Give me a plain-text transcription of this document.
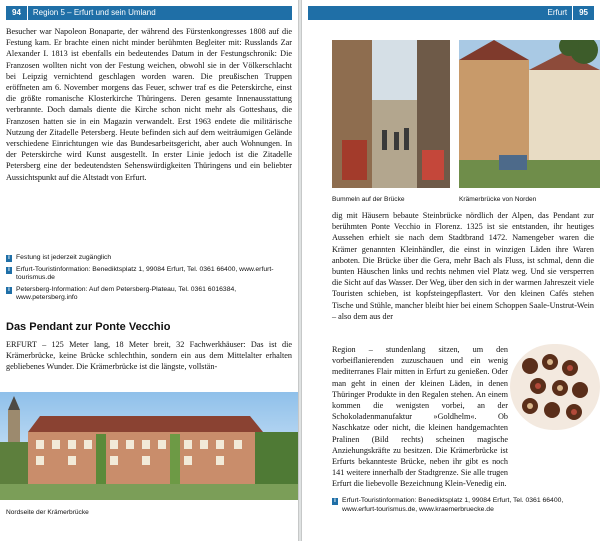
94 Region 5 – Erfurt und sein Umland
Besucher war Napoleon Bonaparte, der während des Fürstenkongresses 1808 auf die Festung kam. Er brachte einen nicht minder berühmten Begleiter mit: Russlands Zar Alexander I. 1813 ist ebenfalls ein bedeutendes Datum in der Festungschronik: Die Franzosen wollten nicht von der Festung weichen, obwohl sie in der Völkerschlacht bei Leipzig vernichtend geschlagen worden waren. Die preußischen Truppen eröffneten am 6. November morgens das Feuer, schwer traf es die Peterskirche, einst die größte romanische Klosterkirche Thüringens. Deren gesamte Innenausstattung verbrannte. Doch damals diente die Kirche schon nicht mehr als Gotteshaus, die Franzosen hatten sie in ein Magazin verwandelt. Erst 1963 endete die militärische Nutzung der Zitadelle Petersberg. Heute befinden sich auf dem weiträumigen Gelände verschiedene Einrichtungen wie das Bundesarbeitsgericht, aber auch Wohnungen. In der Peterskirche wird Kunst ausgestellt. In erster Linie jedoch ist die Zitadelle Petersberg eine der bedeutendsten Sehenswürdigkeiten Thüringens und ein beliebter Aussichtspunkt auf die Altstadt von Erfurt.
i Festung ist jederzeit zugänglich
i Erfurt-Touristinformation: Benediktsplatz 1, 99084 Erfurt, Tel. 0361 66400, www.erfurt-tourismus.de
i Petersberg-Information: Auf dem Petersberg-Plateau, Tel. 0361 6016384, www.petersberg.info
Das Pendant zur Ponte Vecchio
ERFURT – 125 Meter lang, 18 Meter breit, 32 Fachwerkhäuser: Das ist die Krämerbrücke, keine Brücke schlechthin, sondern ein aus dem Mittelalter erhalten gebliebenes Wunder. Die Krämerbrücke ist die längste, vollstän-
Nordseite der Krämerbrücke
Erfurt 95
Bummeln auf der Brücke	Krämerbrücke von Norden
dig mit Häusern bebaute Steinbrücke nördlich der Alpen, das Pendant zur berühmten Ponte Vecchio in Florenz. 1325 ist sie entstanden, ihr heutiges Aussehen erhielt sie nach dem Stadtbrand 1472. Namengeber waren die Krämer genannten Kleinhändler, die einst in winzigen Läden ihre Waren anboten. Die Brücke über die Gera, mehr Bach als Fluss, ist schmal, denn die bunten Häuschen links und rechts nehmen viel Platz weg. Und sie versperren die Sicht auf das Wasser. Der Weg, über den sich in der warmen Jahreszeit viele Touristen schieben, ist kopfsteingepflastert. Vor den kleinen Cafés stehen Tische und Stühle, mancher bleibt hier bei einem Schoppen Saale-Unstrut-Wein – also dem aus der
Region – stundenlang sitzen, um den vorbeiflanierenden zuzuschauen und ein wenig mediterranes Flair mitten in Erfurt zu genießen. Oder man geht in einen der kleinen Läden, in denen Thüringer Produkte in den Regalen stehen. An einem kommen die wenigsten vorbei, an der Schokoladenmanufaktur »Goldhelm«. Ob Naschkatze oder nicht, die kleinen handgemachten Pralinen (Bild rechts) scheinen magische Anziehungskräfte zu besitzen. Die Krämerbrücke ist Erfurts bekannteste Brücke, neben ihr gibt es noch 141 weitere innerhalb der Stadtgrenze. Sie alle trugen Erfurt die liebevolle Bezeichnung Klein-Venedig ein.
i Erfurt-Touristinformation: Benediktsplatz 1, 99084 Erfurt, Tel. 0361 66400, www.erfurt-tourismus.de, www.kraemerbruecke.de
